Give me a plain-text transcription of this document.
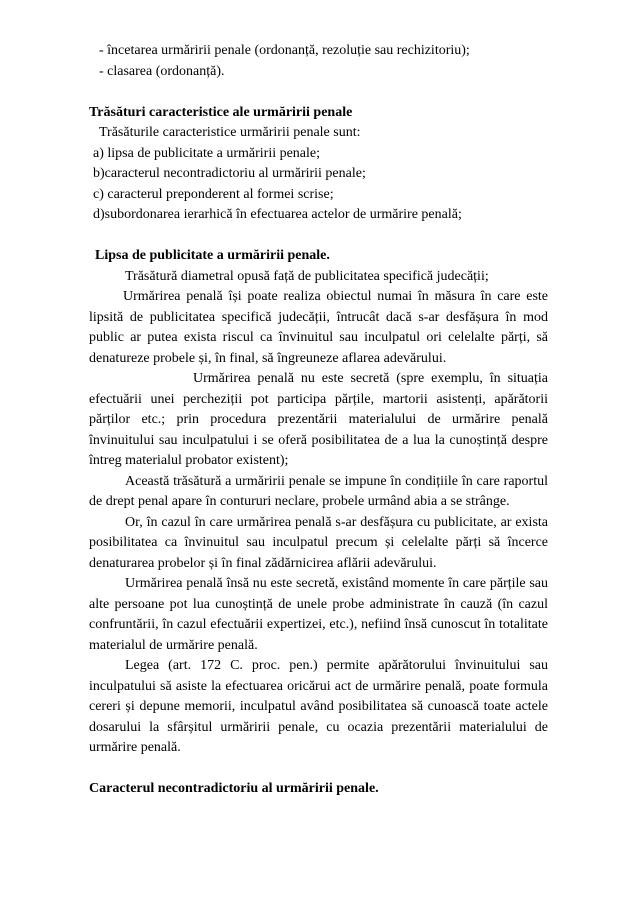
- încetarea urmăririi penale (ordonanță, rezoluție sau rechizitoriu);
- clasarea (ordonanță).
Trăsături caracteristice ale urmăririi penale
Trăsăturile caracteristice urmăririi penale sunt:
a) lipsa de publicitate a urmăririi penale;
b)caracterul necontradictoriu al urmăririi penale;
c) caracterul preponderent al formei scrise;
d)subordonarea ierarhică în efectuarea actelor de urmărire penală;
Lipsa de publicitate a urmăririi penale.

Trăsătură diametral opusă față de publicitatea specifică judecății;

Urmărirea penală își poate realiza obiectul numai în măsura în care este lipsită de publicitatea specifică judecății, întrucât dacă s-ar desfășura în mod public ar putea exista riscul ca învinuitul sau inculpatul ori celelalte părți, să denatureze probele și, în final, să îngreuneze aflarea adevărului.

Urmărirea penală nu este secretă (spre exemplu, în situația efectuării unei percheziții pot participa părțile, martorii asistenți, apărătorii părților etc.; prin procedura prezentării materialului de urmărire penală învinuitului sau inculpatului i se oferă posibilitatea de a lua la cunoștință despre întreg materialul probator existent);

Această trăsătură a urmăririi penale se impune în condițiile în care raportul de drept penal apare în contururi neclare, probele urmând abia a se strânge.

Or, în cazul în care urmărirea penală s-ar desfășura cu publicitate, ar exista posibilitatea ca învinuitul sau inculpatul precum și celelalte părți să încerce denaturarea probelor și în final zădărnicirea aflării adevărului.

Urmărirea penală însă nu este secretă, existând momente în care părțile sau alte persoane pot lua cunoștință de unele probe administrate în cauză (în cazul confruntării, în cazul efectuării expertizei, etc.), nefiind însă cunoscut în totalitate materialul de urmărire penală.

Legea (art. 172 C. proc. pen.) permite apărătorului învinuitului sau inculpatului să asiste la efectuarea oricărui act de urmărire penală, poate formula cereri și depune memorii, inculpatul având posibilitatea să cunoască toate actele dosarului la sfârșitul urmăririi penale, cu ocazia prezentării materialului de urmărire penală.

Caracterul necontradictoriu al urmăririi penale.
